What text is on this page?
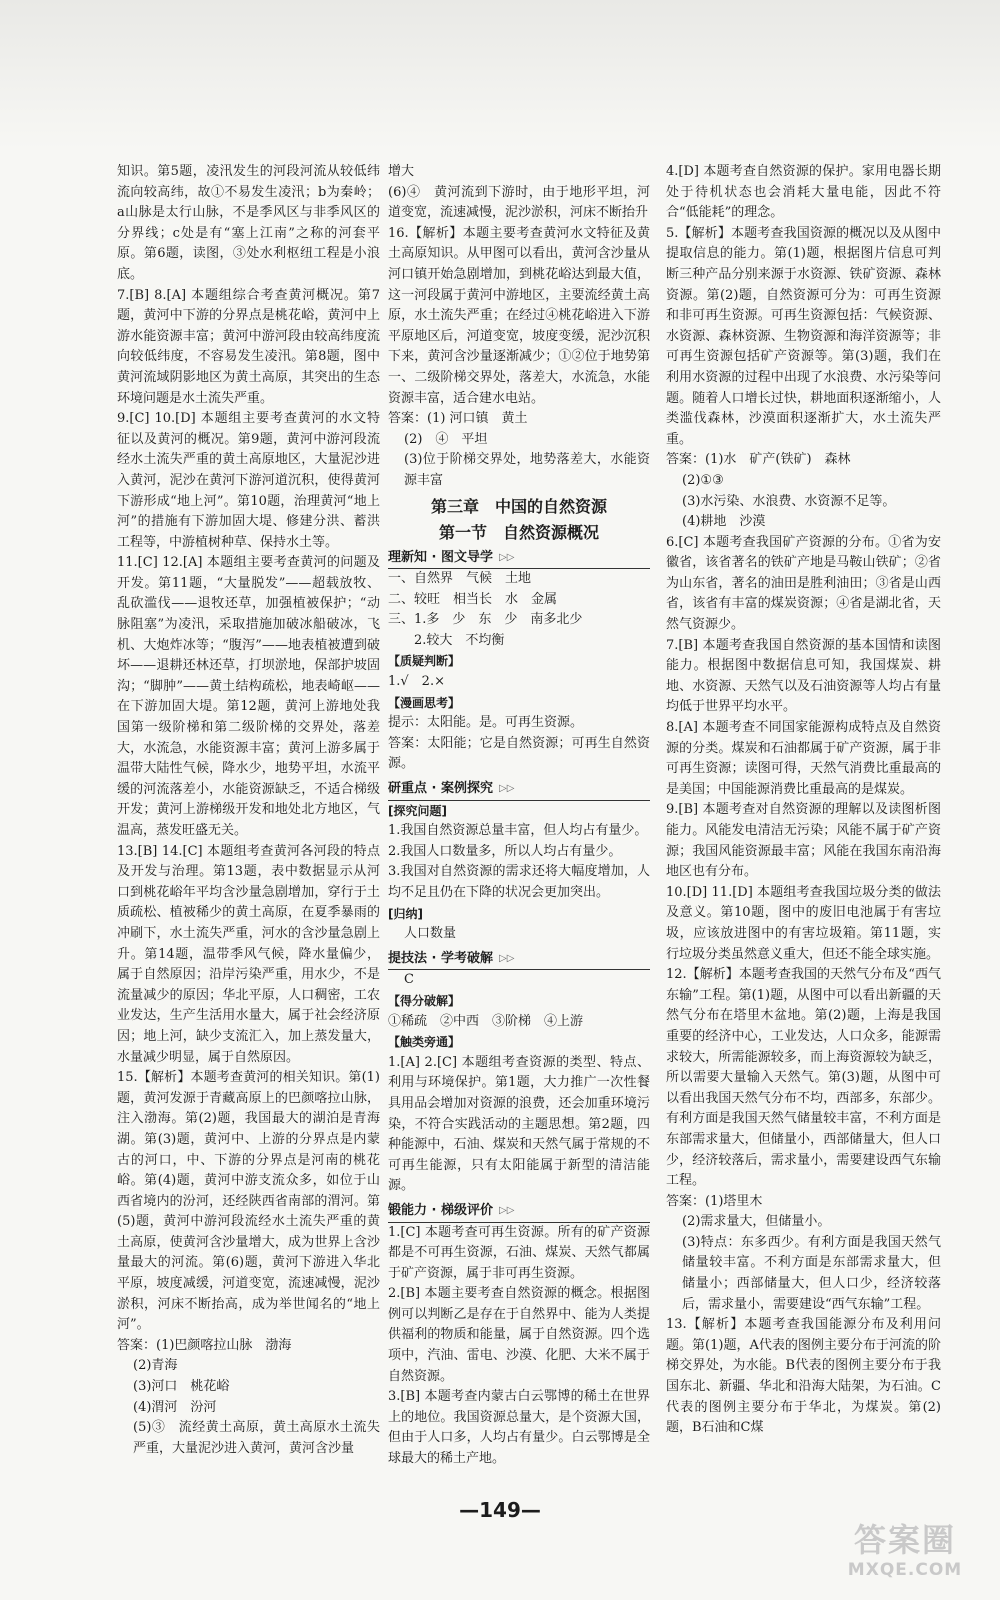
知识。第5题，凌汛发生的河段河流从较低纬流向较高纬，故①不易发生凌汛；b为秦岭；a山脉是太行山脉，不是季风区与非季风区的分界线；c处是有“塞上江南”之称的河套平原。第6题，读图，③处水利枢纽工程是小浪底。

7.[B] 8.[A] 本题组综合考查黄河概况。第7题，黄河中下游的分界点是桃花峪，黄河中上游水能资源丰富；黄河中游河段由较高纬度流向较低纬度，不容易发生凌汛。第8题，图中黄河流域阴影地区为黄土高原，其突出的生态环境问题是水土流失严重。

9.[C] 10.[D] 本题组主要考查黄河的水文特征以及黄河的概况。第9题，黄河中游河段流经水土流失严重的黄土高原地区，大量泥沙进入黄河，泥沙在黄河下游河道沉积，使得黄河下游形成“地上河”。第10题，治理黄河“地上河”的措施有下游加固大堤、修建分洪、蓄洪工程等，中游植树种草、保持水土等。

11.[C] 12.[A] 本题组主要考查黄河的问题及开发。第11题，“大量脱发”——超载放牧、乱砍滥伐——退牧还草，加强植被保护；“动脉阻塞”为凌汛，采取措施加破冰船破冰，飞机、大炮炸冰等；“腹泻”——地表植被遭到破坏——退耕还林还草，打坝淤地，保部护坡固沟；“脚肿”——黄土结构疏松，地表崎岖——在下游加固大堤。第12题，黄河上游地处我国第一级阶梯和第二级阶梯的交界处，落差大，水流急，水能资源丰富；黄河上游多属于温带大陆性气候，降水少，地势平坦，水流平缓的河流落差小，水能资源缺乏，不适合梯级开发；黄河上游梯级开发和地处北方地区，气温高，蒸发旺盛无关。

13.[B] 14.[C] 本题组考查黄河各河段的特点及开发与治理。第13题，表中数据显示从河口到桃花峪年平均含沙量急剧增加，穿行于土质疏松、植被稀少的黄土高原，在夏季暴雨的冲刷下，水土流失严重，河水的含沙量急剧上升。第14题，温带季风气候，降水量偏少，属于自然原因；沿岸污染严重，用水少，不是流量减少的原因；华北平原，人口稠密，工农业发达，生产生活用水量大，属于社会经济原因；地上河，缺少支流汇入，加上蒸发量大，水量减少明显，属于自然原因。

15.【解析】本题考查黄河的相关知识。第(1)题，黄河发源于青藏高原上的巴颜喀拉山脉，注入渤海。第(2)题，我国最大的湖泊是青海湖。第(3)题，黄河中、上游的分界点是内蒙古的河口，中、下游的分界点是河南的桃花峪。第(4)题，黄河中游支流众多，如位于山西省境内的汾河，还经陕西省南部的渭河。第(5)题，黄河中游河段流经水土流失严重的黄土高原，使黄河含沙量增大，成为世界上含沙量最大的河流。第(6)题，黄河下游进入华北平原，坡度减缓，河道变宽，流速减慢，泥沙淤积，河床不断抬高，成为举世闻名的“地上河”。

答案：(1)巴颜喀拉山脉　渤海

(2)青海

(3)河口　桃花峪

(4)渭河　汾河

(5)③　流经黄土高原，黄土高原水土流失严重，大量泥沙进入黄河，黄河含沙量

增大

(6)④　黄河流到下游时，由于地形平坦，河道变宽，流速减慢，泥沙淤积，河床不断抬升

16.【解析】本题主要考查黄河水文特征及黄土高原知识。从甲图可以看出，黄河含沙量从河口镇开始急剧增加，到桃花峪达到最大值，这一河段属于黄河中游地区，主要流经黄土高原，水土流失严重；在经过④桃花峪进入下游平原地区后，河道变宽，坡度变缓，泥沙沉积下来，黄河含沙量逐渐减少；①②位于地势第一、二级阶梯交界处，落差大，水流急，水能资源丰富，适合建水电站。

答案：(1) 河口镇　黄土

(2)　④　平坦

(3)位于阶梯交界处，地势落差大，水能资源丰富

第三章　中国的自然资源
第一节　自然资源概况
理新知 · 图文导学 ▷▷

一、自然界　气候　土地

二、较旺　相当长　水　金属

三、1.多　少　东　少　南多北少

　　2.较大　不均衡

【质疑判断】

1.√　2.×

【漫画思考】

提示：太阳能。是。可再生资源。

答案：太阳能；它是自然资源；可再生自然资源。

研重点 · 案例探究 ▷▷

[探究问题]

1.我国自然资源总量丰富，但人均占有量少。

2.我国人口数量多，所以人均占有量少。

3.我国对自然资源的需求还将大幅度增加，人均不足且仍在下降的状况会更加突出。

[归纳]

人口数量

提技法 · 学考破解 ▷▷

C

【得分破解】

①稀疏　②中西　③阶梯　④上游

【触类旁通】

1.[A] 2.[C] 本题组考查资源的类型、特点、利用与环境保护。第1题，大力推广一次性餐具用品会增加对资源的浪费，还会加重环境污染，不符合实践活动的主题思想。第2题，四种能源中，石油、煤炭和天然气属于常规的不可再生能源，只有太阳能属于新型的清洁能源。

锻能力 · 梯级评价 ▷▷

1.[C] 本题考查可再生资源。所有的矿产资源都是不可再生资源，石油、煤炭、天然气都属于矿产资源，属于非可再生资源。

2.[B] 本题主要考查自然资源的概念。根据图例可以判断乙是存在于自然界中、能为人类提供福利的物质和能量，属于自然资源。四个选项中，汽油、雷电、沙漠、化肥、大米不属于自然资源。

3.[B] 本题考查内蒙古白云鄂博的稀土在世界上的地位。我国资源总量大，是个资源大国，但由于人口多，人均占有量少。白云鄂博是全球最大的稀土产地。

4.[D] 本题考查自然资源的保护。家用电器长期处于待机状态也会消耗大量电能，因此不符合“低能耗”的理念。

5.【解析】本题考查我国资源的概况以及从图中提取信息的能力。第(1)题，根据图片信息可判断三种产品分别来源于水资源、铁矿资源、森林资源。第(2)题，自然资源可分为：可再生资源和非可再生资源。可再生资源包括：气候资源、水资源、森林资源、生物资源和海洋资源等；非可再生资源包括矿产资源等。第(3)题，我们在利用水资源的过程中出现了水浪费、水污染等问题。随着人口增长过快，耕地面积逐渐缩小，人类滥伐森林，沙漠面积逐渐扩大，水土流失严重。

答案：(1)水　矿产(铁矿)　森林

(2)①③

(3)水污染、水浪费、水资源不足等。

(4)耕地　沙漠

6.[C] 本题考查我国矿产资源的分布。①省为安徽省，该省著名的铁矿产地是马鞍山铁矿；②省为山东省，著名的油田是胜利油田；③省是山西省，该省有丰富的煤炭资源；④省是湖北省，天然气资源少。

7.[B] 本题考查我国自然资源的基本国情和读图能力。根据图中数据信息可知，我国煤炭、耕地、水资源、天然气以及石油资源等人均占有量均低于世界平均水平。

8.[A] 本题考查不同国家能源构成特点及自然资源的分类。煤炭和石油都属于矿产资源，属于非可再生资源；读图可得，天然气消费比重最高的是美国；中国能源消费比重最高的是煤炭。

9.[B] 本题考查对自然资源的理解以及读图析图能力。风能发电清洁无污染；风能不属于矿产资源；我国风能资源最丰富；风能在我国东南沿海地区也有分布。

10.[D] 11.[D] 本题组考查我国垃圾分类的做法及意义。第10题，图中的废旧电池属于有害垃圾，应该放进图中的有害垃圾箱。第11题，实行垃圾分类虽然意义重大，但还不能全球实施。

12.【解析】本题考查我国的天然气分布及“西气东输”工程。第(1)题，从图中可以看出新疆的天然气分布在塔里木盆地。第(2)题，上海是我国重要的经济中心，工业发达，人口众多，能源需求较大，所需能源较多，而上海资源较为缺乏，所以需要大量输入天然气。第(3)题，从图中可以看出我国天然气分布不均，西部多，东部少。有利方面是我国天然气储量较丰富，不利方面是东部需求量大，但储量小，西部储量大，但人口少，经济较落后，需求量小，需要建设西气东输工程。

答案：(1)塔里木

(2)需求量大，但储量小。

(3)特点：东多西少。有利方面是我国天然气储量较丰富。不利方面是东部需求量大，但储量小；西部储量大，但人口少，经济较落后，需求量小，需要建设“西气东输”工程。

13.【解析】本题考查我国能源分布及利用问题。第(1)题，A代表的图例主要分布于河流的阶梯交界处，为水能。B代表的图例主要分布于我国东北、新疆、华北和沿海大陆架，为石油。C代表的图例主要分布于华北，为煤炭。第(2)题，B石油和C煤

—149—
答案圈
MXQE.COM
